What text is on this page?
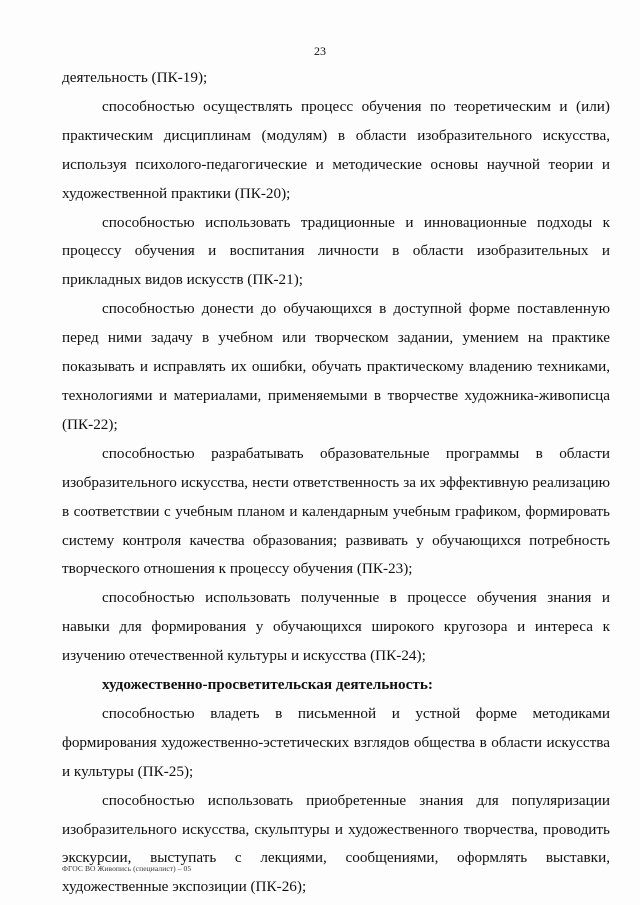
23

деятельность (ПК-19);

способностью осуществлять процесс обучения по теоретическим и (или) практическим дисциплинам (модулям) в области изобразительного искусства, используя психолого-педагогические и методические основы научной теории и художественной практики (ПК-20);

способностью использовать традиционные и инновационные подходы к процессу обучения и воспитания личности в области изобразительных и прикладных видов искусств (ПК-21);

способностью донести до обучающихся в доступной форме поставленную перед ними задачу в учебном или творческом задании, умением на практике показывать и исправлять их ошибки, обучать практическому владению техниками, технологиями и материалами, применяемыми в творчестве художника-живописца (ПК-22);

способностью разрабатывать образовательные программы в области изобразительного искусства, нести ответственность за их эффективную реализацию в соответствии с учебным планом и календарным учебным графиком, формировать систему контроля качества образования; развивать у обучающихся потребность творческого отношения к процессу обучения (ПК-23);

способностью использовать полученные в процессе обучения знания и навыки для формирования у обучающихся широкого кругозора и интереса к изучению отечественной культуры и искусства (ПК-24);

художественно-просветительская деятельность:

способностью владеть в письменной и устной форме методиками формирования художественно-эстетических взглядов общества в области искусства и культуры (ПК-25);

способностью использовать приобретенные знания для популяризации изобразительного искусства, скульптуры и художественного творчества, проводить экскурсии, выступать с лекциями, сообщениями, оформлять выставки, художественные экспозиции (ПК-26);

ФГОС ВО Живопись (специалист) – 05
